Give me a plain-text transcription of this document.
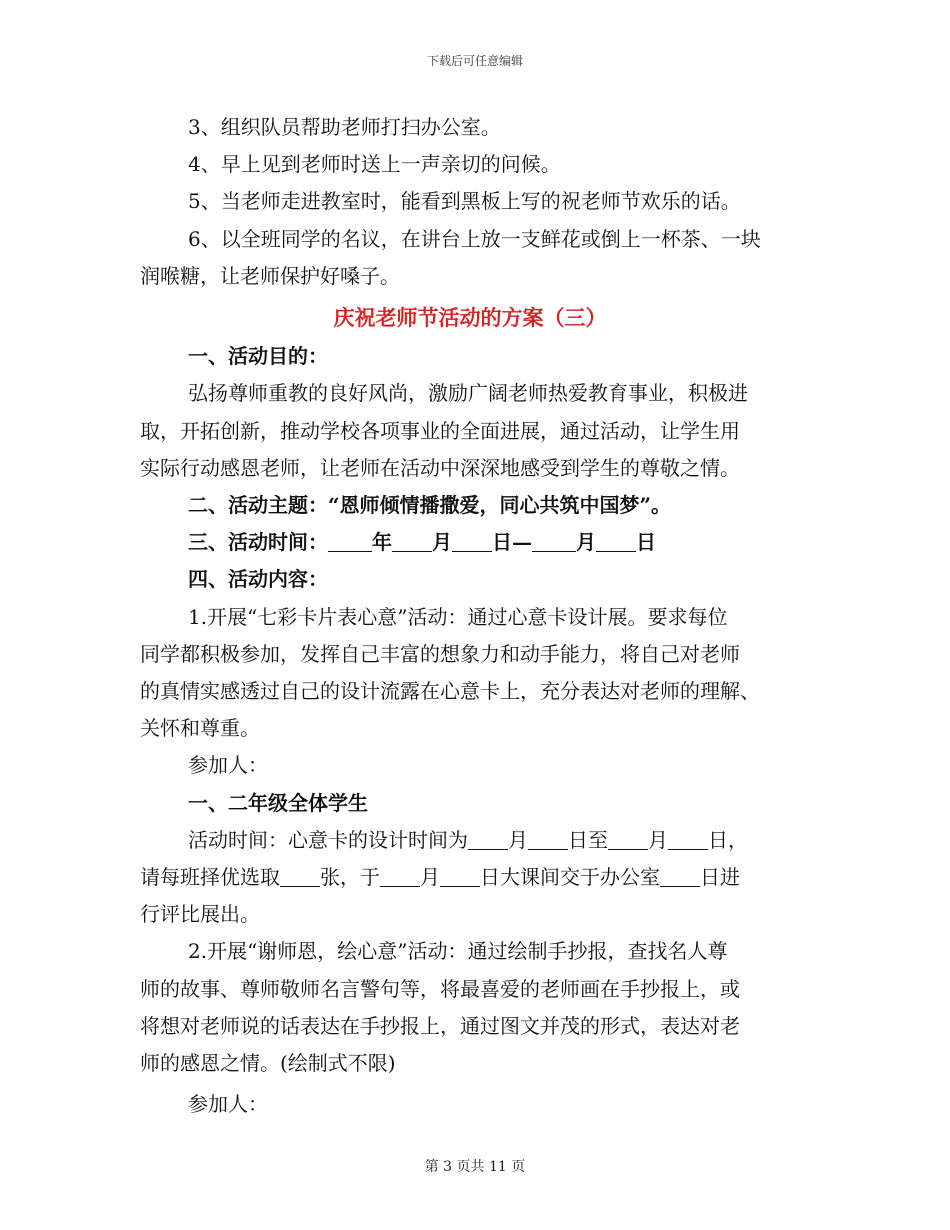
下载后可任意编辑
3、组织队员帮助老师打扫办公室。
4、早上见到老师时送上一声亲切的问候。
5、当老师走进教室时，能看到黑板上写的祝老师节欢乐的话。
6、以全班同学的名议，在讲台上放一支鲜花或倒上一杯茶、一块
润喉糖，让老师保护好嗓子。
庆祝老师节活动的方案（三）
一、活动目的：
弘扬尊师重教的良好风尚，激励广阔老师热爱教育事业，积极进
取，开拓创新，推动学校各项事业的全面进展，通过活动，让学生用
实际行动感恩老师，让老师在活动中深深地感受到学生的尊敬之情。
二、活动主题：“恩师倾情播撒爱，同心共筑中国梦”。
三、活动时间： 年 月 日— 月 日
四、活动内容：
1.开展“七彩卡片表心意”活动：通过心意卡设计展。要求每位
同学都积极参加，发挥自己丰富的想象力和动手能力，将自己对老师
的真情实感透过自己的设计流露在心意卡上，充分表达对老师的理解、
关怀和尊重。
参加人：
一、二年级全体学生
活动时间：心意卡的设计时间为 月 日至 月 日，
请每班择优选取 张，于 月 日大课间交于办公室 日进
行评比展出。
2.开展“谢师恩，绘心意”活动：通过绘制手抄报，查找名人尊
师的故事、尊师敬师名言警句等，将最喜爱的老师画在手抄报上，或
将想对老师说的话表达在手抄报上，通过图文并茂的形式，表达对老
师的感恩之情。(绘制式不限)
参加人：
第 3 页共 11 页
